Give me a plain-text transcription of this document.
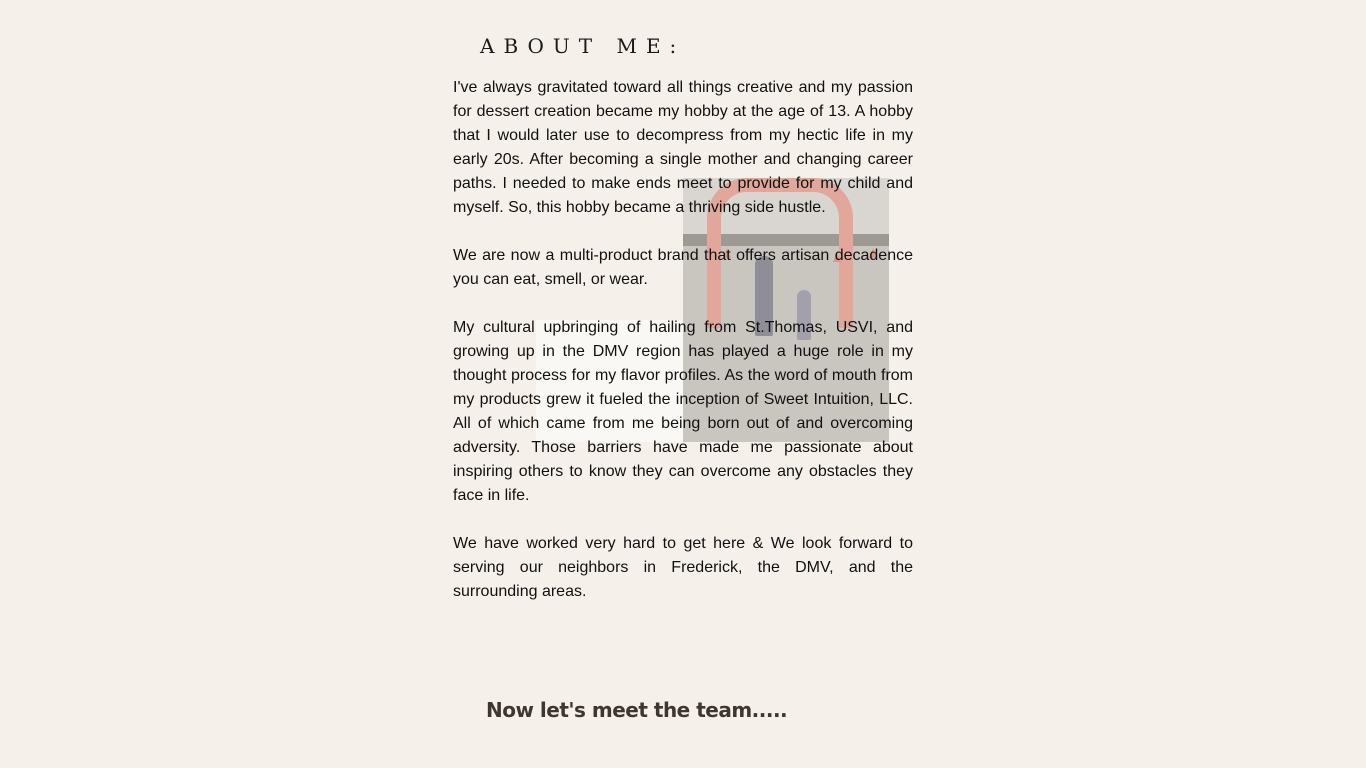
ABOUT ME:

I've always gravitated toward all things creative and my passion for dessert creation became my hobby at the age of 13. A hobby that I would later use to decompress from my hectic life in my early 20s. After becoming a single mother and changing career paths. I needed to make ends meet to provide for my child and myself. So, this hobby became a thriving side hustle.

We are now a multi-product brand that offers artisan decadence you can eat, smell, or wear.

My cultural upbringing of hailing from St.Thomas, USVI, and growing up in the DMV region has played a huge role in my thought process for my flavor profiles. As the word of mouth from my products grew it fueled the inception of Sweet Intuition, LLC. All of which came from me being born out of and overcoming adversity. Those barriers have made me passionate about inspiring others to know they can overcome any obstacles they face in life.

We have worked very hard to get here & We look forward to serving our neighbors in Frederick, the DMV, and the surrounding areas.

Now let's meet the team.....
